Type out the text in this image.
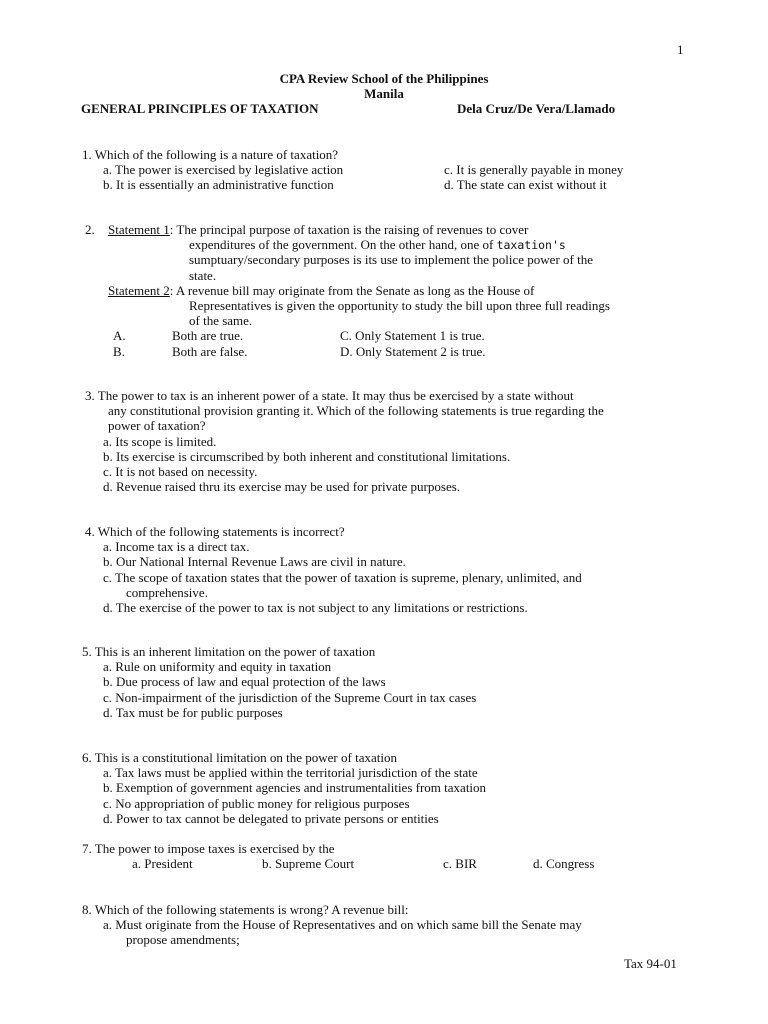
1
CPA Review School of the Philippines
Manila
GENERAL PRINCIPLES OF TAXATION	Dela Cruz/De Vera/Llamado
1. Which of the following is a nature of taxation?
a. The power is exercised by legislative action	c. It is generally payable in money
b. It is essentially an administrative function	d. The state can exist without it
2. Statement 1: The principal purpose of taxation is the raising of revenues to cover
expenditures of the government. On the other hand, one of taxation's
sumptuary/secondary purposes is its use to implement the police power of the
state.
Statement 2: A revenue bill may originate from the Senate as long as the House of
Representatives is given the opportunity to study the bill upon three full readings
of the same.
A.	Both are true.	C. Only Statement 1 is true.
B.	Both are false.	D. Only Statement 2 is true.
3. The power to tax is an inherent power of a state. It may thus be exercised by a state without
any constitutional provision granting it. Which of the following statements is true regarding the
power of taxation?
a. Its scope is limited.
b. Its exercise is circumscribed by both inherent and constitutional limitations.
c. It is not based on necessity.
d. Revenue raised thru its exercise may be used for private purposes.
4. Which of the following statements is incorrect?
a. Income tax is a direct tax.
b. Our National Internal Revenue Laws are civil in nature.
c. The scope of taxation states that the power of taxation is supreme, plenary, unlimited, and
comprehensive.
d. The exercise of the power to tax is not subject to any limitations or restrictions.
5. This is an inherent limitation on the power of taxation
a. Rule on uniformity and equity in taxation
b. Due process of law and equal protection of the laws
c. Non-impairment of the jurisdiction of the Supreme Court in tax cases
d. Tax must be for public purposes
6. This is a constitutional limitation on the power of taxation
a. Tax laws must be applied within the territorial jurisdiction of the state
b. Exemption of government agencies and instrumentalities from taxation
c. No appropriation of public money for religious purposes
d. Power to tax cannot be delegated to private persons or entities
7. The power to impose taxes is exercised by the
a. President	b. Supreme Court	c. BIR	d. Congress
8. Which of the following statements is wrong? A revenue bill:
a. Must originate from the House of Representatives and on which same bill the Senate may
propose amendments;
Tax 94-01
